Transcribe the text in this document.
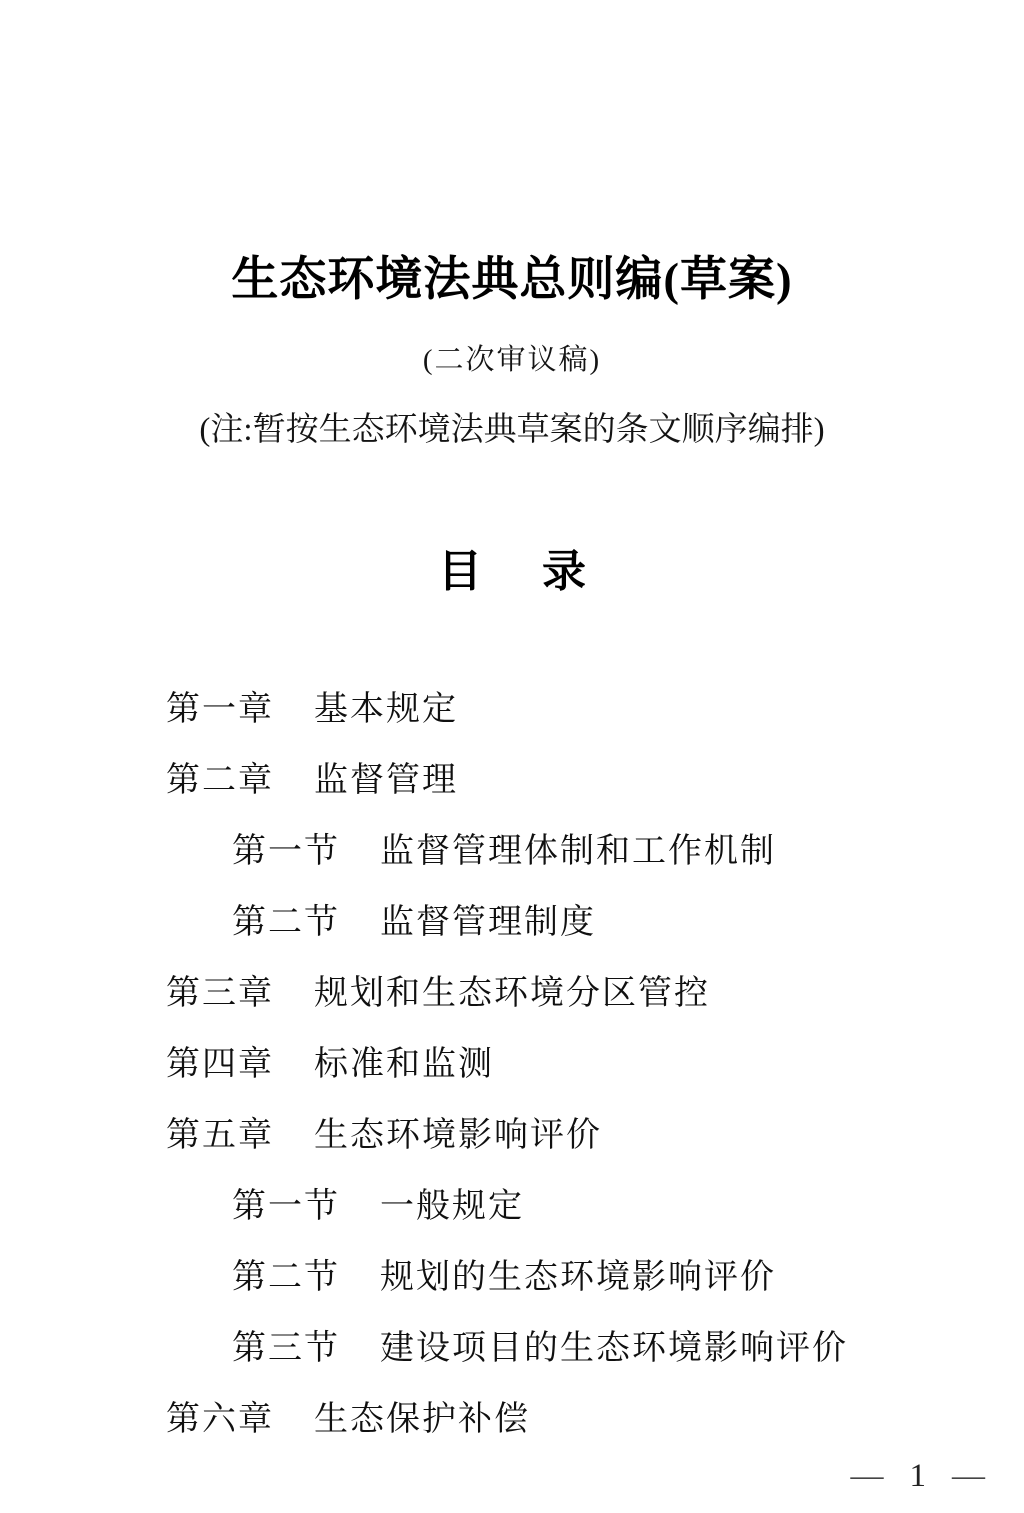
生态环境法典总则编(草案)
(二次审议稿)
(注:暂按生态环境法典草案的条文顺序编排)
目 录
第一章 基本规定
第二章 监督管理
第一节 监督管理体制和工作机制
第二节 监督管理制度
第三章 规划和生态环境分区管控
第四章 标准和监测
第五章 生态环境影响评价
第一节 一般规定
第二节 规划的生态环境影响评价
第三节 建设项目的生态环境影响评价
第六章 生态保护补偿
— 1 —
